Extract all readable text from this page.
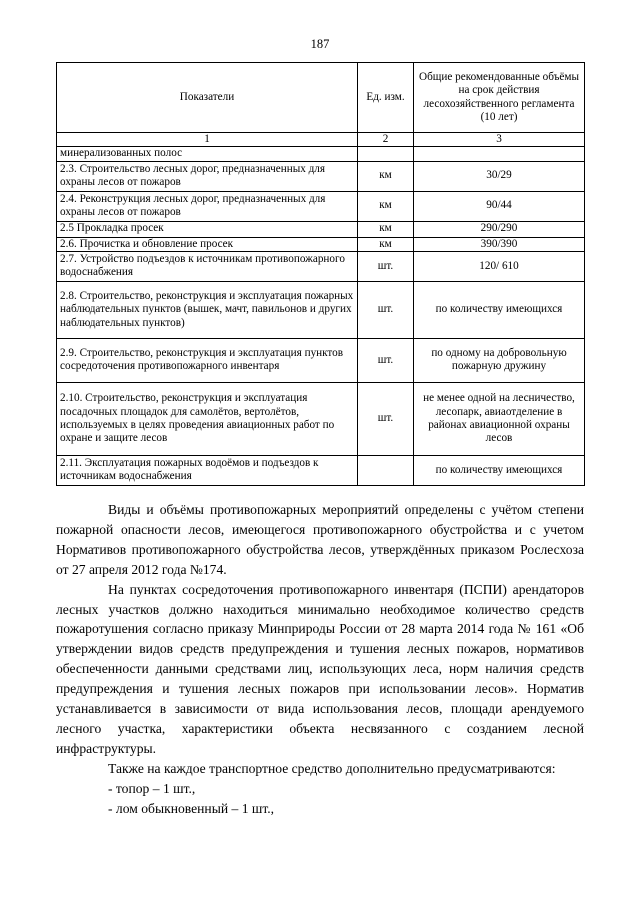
187
Показатели	Ед. изм.	Общие рекомендованные объёмы на срок действия лесохозяйственного регламента (10 лет)
1	2	3
минерализованных полос		
2.3. Строительство лесных дорог, предназначенных для охраны лесов от пожаров	км	30/29
2.4. Реконструкция лесных дорог, предназначенных для охраны лесов от пожаров	км	90/44
2.5 Прокладка просек	км	290/290
2.6. Прочистка и обновление просек	км	390/390
2.7. Устройство подъездов к источникам противопожарного водоснабжения	шт.	120/ 610
2.8. Строительство, реконструкция и эксплуатация пожарных наблюдательных пунктов (вышек, мачт, павильонов и других наблюдательных пунктов)	шт.	по количеству имеющихся
2.9. Строительство, реконструкция и эксплуатация пунктов сосредоточения противопожарного инвентаря	шт.	по одному на добровольную пожарную дружину
2.10. Строительство, реконструкция и эксплуатация посадочных площадок для самолётов, вертолётов, используемых в целях проведения авиационных работ по охране и защите лесов	шт.	не менее одной на лесничество, лесопарк, авиаотделение в районах авиационной охраны лесов
2.11. Эксплуатация пожарных водоёмов и подъездов к источникам водоснабжения		по количеству имеющихся

Виды и объёмы противопожарных мероприятий определены с учётом степени пожарной опасности лесов, имеющегося противопожарного обустройства и с учетом Нормативов противопожарного обустройства лесов, утверждённых приказом Рослесхоза от 27 апреля 2012 года №174.

На пунктах сосредоточения противопожарного инвентаря (ПСПИ) арендаторов лесных участков должно находиться минимально необходимое количество средств пожаротушения согласно приказу Минприроды России от 28 марта 2014 года № 161 «Об утверждении видов средств предупреждения и тушения лесных пожаров, нормативов обеспеченности данными средствами лиц, использующих леса, норм наличия средств предупреждения и тушения лесных пожаров при использовании лесов». Норматив устанавливается в зависимости от вида использования лесов, площади арендуемого лесного участка, характеристики объекта несвязанного с созданием лесной инфраструктуры.

Также на каждое транспортное средство дополнительно предусматриваются:

- топор – 1 шт.,

- лом обыкновенный – 1 шт.,
